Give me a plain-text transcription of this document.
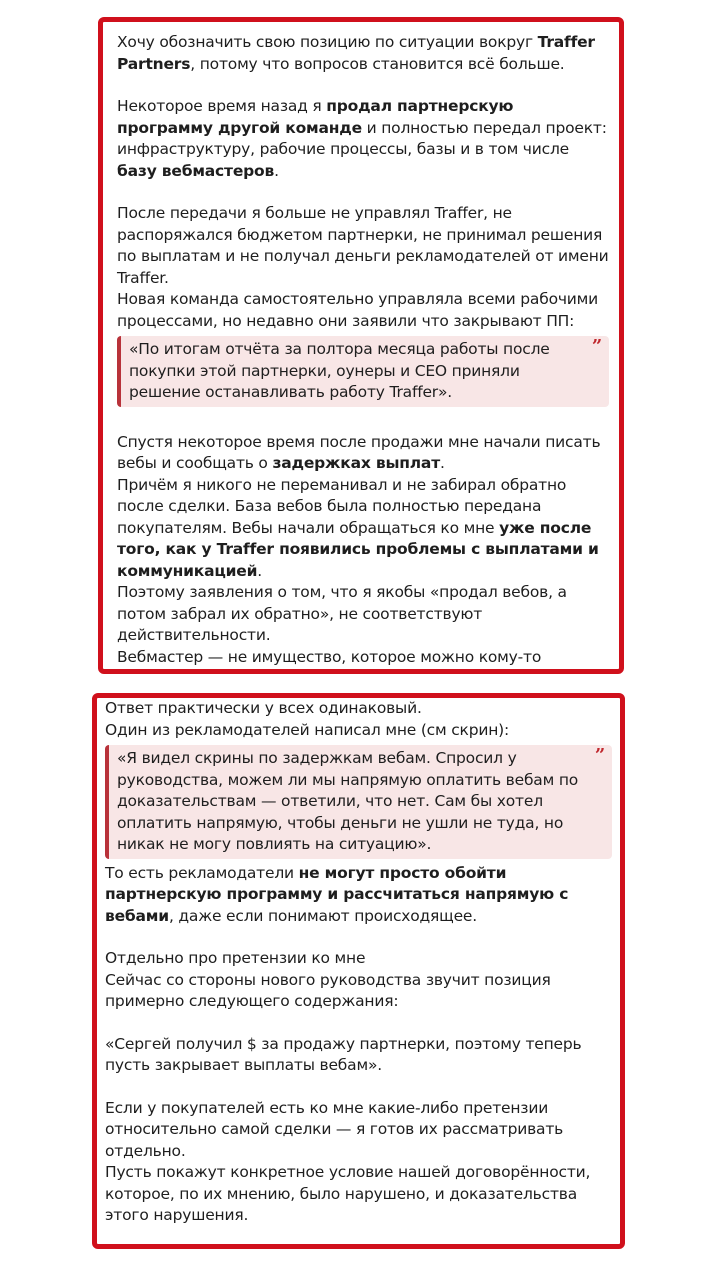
Хочу обозначить свою позицию по ситуации вокруг Traffer Partners, потому что вопросов становится всё больше.

Некоторое время назад я продал партнерскую программу другой команде и полностью передал проект: инфраструктуру, рабочие процессы, базы и в том числе базу вебмастеров.

После передачи я больше не управлял Traffer, не распоряжался бюджетом партнерки, не принимал решения по выплатам и не получал деньги рекламодателей от имени Traffer.

Новая команда самостоятельно управляла всеми рабочими процессами, но недавно они заявили что закрывают ПП:

«По итогам отчёта за полтора месяца работы после покупки этой партнерки, оунеры и CEO приняли решение останавливать работу Traffer».
”

Спустя некоторое время после продажи мне начали писать вебы и сообщать о задержках выплат.

Причём я никого не переманивал и не забирал обратно после сделки. База вебов была полностью передана покупателям. Вебы начали обращаться ко мне уже после того, как у Traffer появились проблемы с выплатами и коммуникацией.

Поэтому заявления о том, что я якобы «продал вебов, а потом забрал их обратно», не соответствуют действительности.

Вебмастер — не имущество, которое можно кому-то

Ответ практически у всех одинаковый.

Один из рекламодателей написал мне (см скрин):

«Я видел скрины по задержкам вебам. Спросил у руководства, можем ли мы напрямую оплатить вебам по доказательствам — ответили, что нет. Сам бы хотел оплатить напрямую, чтобы деньги не ушли не туда, но никак не могу повлиять на ситуацию».
”

То есть рекламодатели не могут просто обойти партнерскую программу и рассчитаться напрямую с вебами, даже если понимают происходящее.

Отдельно про претензии ко мне

Сейчас со стороны нового руководства звучит позиция примерно следующего содержания:

«Сергей получил $ за продажу партнерки, поэтому теперь пусть закрывает выплаты вебам».

Если у покупателей есть ко мне какие-либо претензии относительно самой сделки — я готов их рассматривать отдельно.

Пусть покажут конкретное условие нашей договорённости, которое, по их мнению, было нарушено, и доказательства этого нарушения.
